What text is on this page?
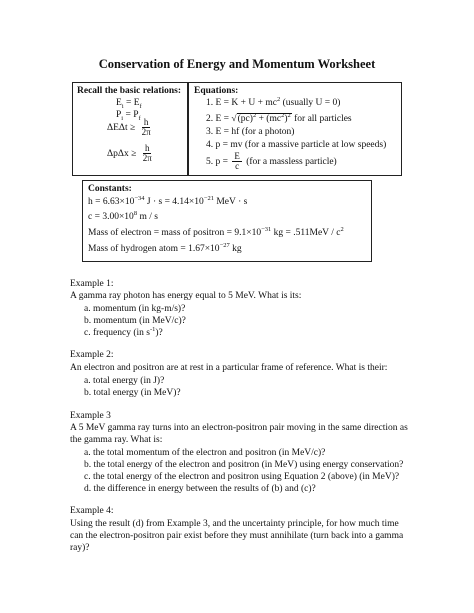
Conservation of Energy and Momentum Worksheet
Recall the basic relations:
$E_i = E_f$
$P_i = P_f$
$\Delta E\Delta t \ge \frac{h}{2\pi}$
$\Delta p\Delta x \ge \frac{h}{2\pi}$
Equations:
1. $E = K + U + mc^2$ (usually U = 0)
2. $E = √(pc)^2 + (mc^2)^2$ for all particles
3. E = hf (for a photon)
4. p = mv (for a massive particle at low speeds)
5. $p = \frac{E}{c} (for$ a massless particle)
Constants:
$h = 6.63\times 10^{-34}$ $J \cdot s = 4.14\times 10^{-21}$ MeV · s
$c = 3.00\times 10^8$ m / s
Mass of electron = mass of positron = $9.1\times 10^{-31}$ kg = $.511MeV / c^2$
Mass of hydrogen atom = $1.67\times 10^{-27}$ kg
Example 1:
A gamma ray photon has energy equal to 5 MeV. What is its:
a. momentum (in kg-m/s)?
b. momentum (in MeV/c)?
c. frequency (in $s^{-1}$)?
Example 2:
An electron and positron are at rest in a particular frame of reference. What is their:
a. total energy (in J)?
b. total energy (in MeV)?
Example 3
A 5 MeV gamma ray turns into an electron-positron pair moving in the same direction as
the gamma ray. What is:
a. the total momentum of the electron and positron (in MeV/c)?
b. the total energy of the electron and positron (in MeV) using energy conservation?
c. the total energy of the electron and positron using Equation 2 (above) (in MeV)?
d. the difference in energy between the results of (b) and (c)?
Example 4:
Using the result (d) from Example 3, and the uncertainty principle, for how much time
can the electron-positron pair exist before they must annihilate (turn back into a gamma
ray)?
